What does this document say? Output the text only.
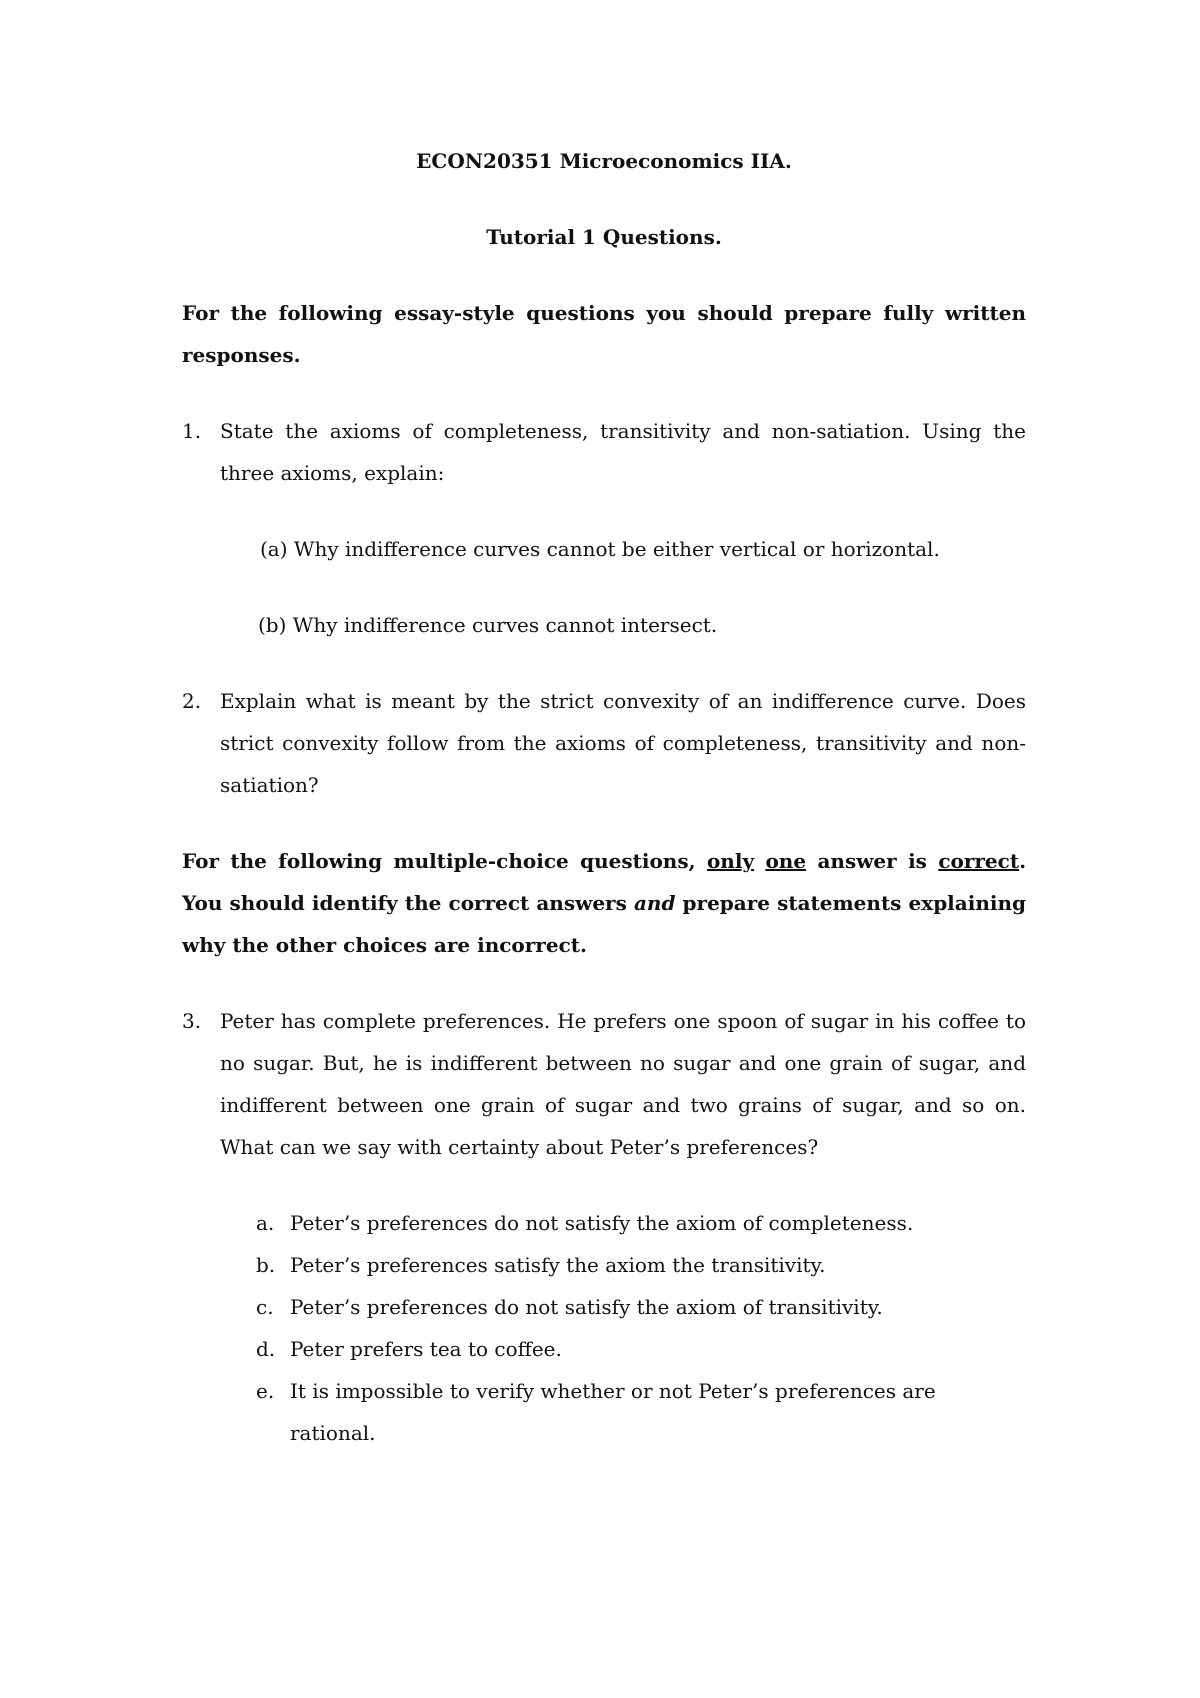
ECON20351 Microeconomics IIA.

Tutorial 1 Questions.

For the following essay-style questions you should prepare fully written responses.

1. State the axioms of completeness, transitivity and non-satiation. Using the three axioms, explain:

(a) Why indifference curves cannot be either vertical or horizontal.

(b) Why indifference curves cannot intersect.

2. Explain what is meant by the strict convexity of an indifference curve. Does strict convexity follow from the axioms of completeness, transitivity and non-satiation?

For the following multiple-choice questions, only one answer is correct. You should identify the correct answers and prepare statements explaining why the other choices are incorrect.

3. Peter has complete preferences. He prefers one spoon of sugar in his coffee to no sugar. But, he is indifferent between no sugar and one grain of sugar, and indifferent between one grain of sugar and two grains of sugar, and so on. What can we say with certainty about Peter’s preferences?
a. Peter’s preferences do not satisfy the axiom of completeness.
b. Peter’s preferences satisfy the axiom the transitivity.
c. Peter’s preferences do not satisfy the axiom of transitivity.
d. Peter prefers tea to coffee.
e. It is impossible to verify whether or not Peter’s preferences are rational.
